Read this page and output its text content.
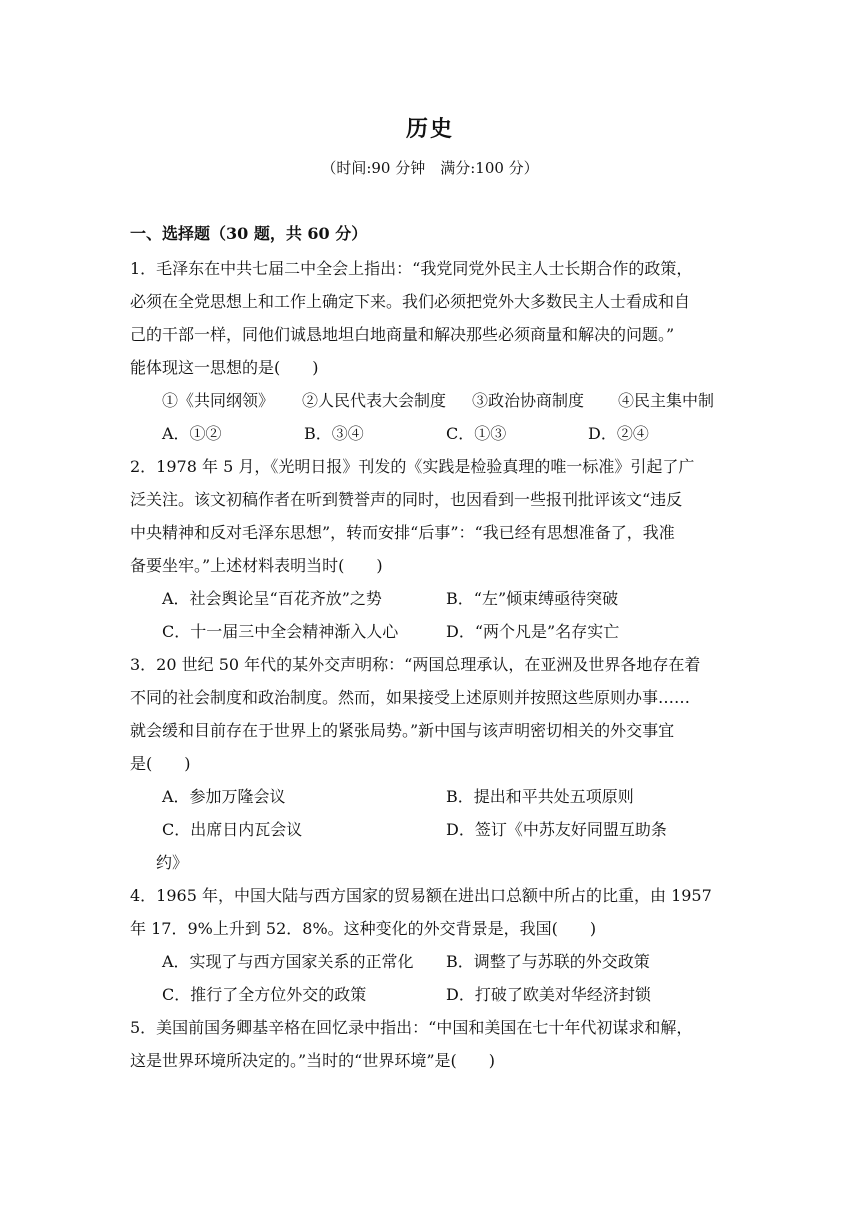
历史
（时间:90 分钟　满分:100 分）
一、选择题（30 题，共 60 分）
1．毛泽东在中共七届二中全会上指出：“我党同党外民主人士长期合作的政策，
必须在全党思想上和工作上确定下来。我们必须把党外大多数民主人士看成和自
己的干部一样，同他们诚恳地坦白地商量和解决那些必须商量和解决的问题。”
能体现这一思想的是(　　)
①《共同纲领》	②人民代表大会制度	③政治协商制度	④民主集中制
A．①②	B．③④	C．①③	D．②④
2．1978 年 5 月，《光明日报》刊发的《实践是检验真理的唯一标准》引起了广
泛关注。该文初稿作者在听到赞誉声的同时，也因看到一些报刊批评该文“违反
中央精神和反对毛泽东思想”，转而安排“后事”：“我已经有思想准备了，我准
备要坐牢。”上述材料表明当时(　　)
A．社会舆论呈“百花齐放”之势	B．“左”倾束缚亟待突破
C．十一届三中全会精神渐入人心	D．“两个凡是”名存实亡
3．20 世纪 50 年代的某外交声明称：“两国总理承认，在亚洲及世界各地存在着
不同的社会制度和政治制度。然而，如果接受上述原则并按照这些原则办事……
就会缓和目前存在于世界上的紧张局势。”新中国与该声明密切相关的外交事宜
是(　　)
A．参加万隆会议	B．提出和平共处五项原则
C．出席日内瓦会议	D．签订《中苏友好同盟互助条
约》
4．1965 年，中国大陆与西方国家的贸易额在进出口总额中所占的比重，由 1957
年 17．9%上升到 52．8%。这种变化的外交背景是，我国(　　)
A．实现了与西方国家关系的正常化	B．调整了与苏联的外交政策
C．推行了全方位外交的政策	D．打破了欧美对华经济封锁
5．美国前国务卿基辛格在回忆录中指出：“中国和美国在七十年代初谋求和解，
这是世界环境所决定的。”当时的“世界环境”是(　　)
